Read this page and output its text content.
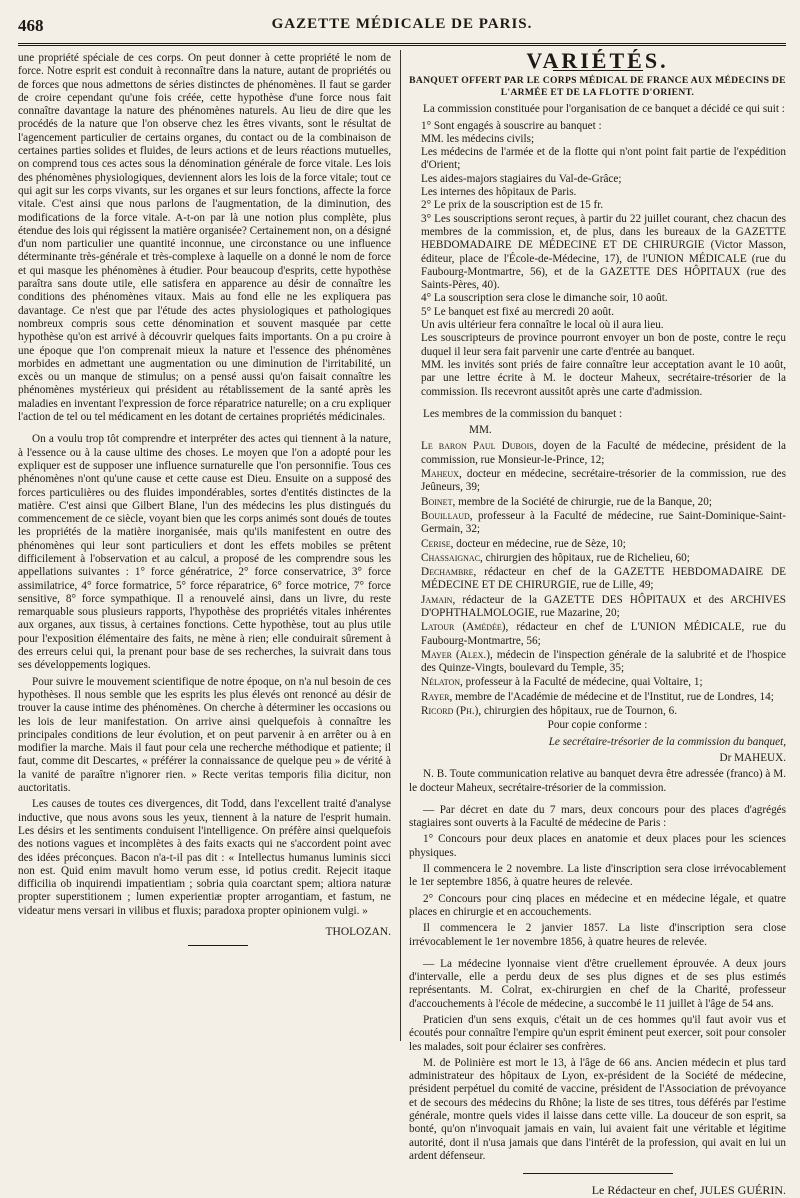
468	GAZETTE MÉDICALE DE PARIS.

une propriété spéciale de ces corps. On peut donner à cette propriété le nom de force. Notre esprit est conduit à reconnaître dans la nature, autant de propriétés ou de forces que nous admettons de séries distinctes de phénomènes. Il faut se garder de croire cependant qu'une fois créée, cette hypothèse d'une force nous fait connaître davantage la nature des phénomènes naturels. Au lieu de dire que les procédés de la nature que l'on observe chez les êtres vivants, sont le résultat de l'agencement particulier de certains organes, du contact ou de la combinaison de certaines parties solides et fluides, de leurs actions et de leurs réactions mutuelles, on comprend tous ces actes sous la dénomination générale de force vitale. Les lois des phénomènes physiologiques, deviennent alors les lois de la force vitale; tout ce qui agit sur les corps vivants, sur les organes et sur leurs fonctions, affecte la force vitale. C'est ainsi que nous parlons de l'augmentation, de la diminution, des modifications de la force vitale. A-t-on par là une notion plus complète, plus étendue des lois qui régissent la matière organisée? Certainement non, on a désigné d'un nom particulier une quantité inconnue, une circonstance ou une influence déterminante très-générale et très-complexe à laquelle on a donné le nom de force et qui masque les phénomènes à étudier. Pour beaucoup d'esprits, cette hypothèse paraîtra sans doute utile, elle satisfera en apparence au désir de connaître les conditions des phénomènes vitaux. Mais au fond elle ne les expliquera pas davantage. Ce n'est que par l'étude des actes physiologiques et pathologiques nombreux compris sous cette dénomination et souvent masquée par cette hypothèse qu'on est arrivé à découvrir quelques faits importants. On a pu croire à une époque que l'on comprenait mieux la nature et l'essence des phénomènes morbides en admettant une augmentation ou une diminution de l'irritabilité, un excès ou un manque de stimulus; on a pensé aussi qu'on faisait connaître les phénomènes mystérieux qui président au rétablissement de la santé après les maladies en inventant l'expression de force réparatrice naturelle; on a cru expliquer l'action de tel ou tel médicament en les dotant de certaines propriétés médicinales.

On a voulu trop tôt comprendre et interpréter des actes qui tiennent à la nature, à l'essence ou à la cause ultime des choses. Le moyen que l'on a adopté pour les expliquer est de supposer une influence surnaturelle que l'on personnifie. Tous ces phénomènes n'ont qu'une cause et cette cause est Dieu. Ensuite on a supposé des forces particulières ou des fluides impondérables, sortes d'entités distinctes de la matière. C'est ainsi que Gilbert Blane, l'un des médecins les plus distingués du commencement de ce siècle, voyant bien que les corps animés sont doués de toutes les propriétés de la matière inorganisée, mais qu'ils manifestent en outre des phénomènes qui leur sont particuliers et dont les effets mobiles se prêtent difficilement à l'observation et au calcul, a proposé de les comprendre sous les appellations suivantes : 1° force génératrice, 2° force conservatrice, 3° force assimilatrice, 4° force formatrice, 5° force réparatrice, 6° force motrice, 7° force sensitive, 8° force sympathique. Il a renouvelé ainsi, dans un livre, du reste remarquable sous plusieurs rapports, l'hypothèse des propriétés vitales inhérentes aux organes, aux tissus, à certaines fonctions. Cette hypothèse, tout au plus utile pour l'exposition élémentaire des faits, ne mène à rien; elle conduirait sûrement à des erreurs celui qui, la prenant pour base de ses recherches, la suivrait dans tous ses développements logiques.

Pour suivre le mouvement scientifique de notre époque, on n'a nul besoin de ces hypothèses. Il nous semble que les esprits les plus élevés ont renoncé au désir de trouver la cause intime des phénomènes. On cherche à déterminer les occasions ou les lois de leur manifestation. On arrive ainsi quelquefois à connaître les principales conditions de leur évolution, et on peut parvenir à en arrêter ou à en modifier la marche. Mais il faut pour cela une recherche méthodique et patiente; il faut, comme dit Descartes, « préférer la connaissance de quelque peu » de vérité à la vanité de paraître n'ignorer rien. » Recte veritas temporis filia dicitur, non auctoritatis.

Les causes de toutes ces divergences, dit Todd, dans l'excellent traité d'analyse inductive, que nous avons sous les yeux, tiennent à la nature de l'esprit humain. Les désirs et les sentiments conduisent l'intelligence. On préfère ainsi quelquefois des notions vagues et incomplètes à des faits exacts qui ne s'accordent point avec des idées préconçues. Bacon n'a-t-il pas dit : « Intellectus humanus luminis sicci non est. Quid enim mavult homo verum esse, id potius credit. Rejecit itaque difficilia ob inquirendi impatientiam ; sobria quia coarctant spem; altiora naturæ propter superstitionem ; lumen experientiæ propter arrogantiam, et fastum, ne videatur mens versari in vilibus et fluxis; paradoxa propter opinionem vulgi. »

THOLOZAN.
VARIÉTÉS.
BANQUET OFFERT PAR LE CORPS MÉDICAL DE FRANCE AUX MÉDECINS DE L'ARMÉE ET DE LA FLOTTE D'ORIENT.

La commission constituée pour l'organisation de ce banquet a décidé ce qui suit :

1° Sont engagés à souscrire au banquet :

MM. les médecins civils;

Les médecins de l'armée et de la flotte qui n'ont point fait partie de l'expédition d'Orient;

Les aides-majors stagiaires du Val-de-Grâce;

Les internes des hôpitaux de Paris.

2° Le prix de la souscription est de 15 fr.

3° Les souscriptions seront reçues, à partir du 22 juillet courant, chez chacun des membres de la commission, et, de plus, dans les bureaux de la GAZETTE HEBDOMADAIRE DE MÉDECINE ET DE CHIRURGIE (Victor Masson, éditeur, place de l'École-de-Médecine, 17), de l'UNION MÉDICALE (rue du Faubourg-Montmartre, 56), et de la GAZETTE DES HÔPITAUX (rue des Saints-Pères, 40).

4° La souscription sera close le dimanche soir, 10 août.

5° Le banquet est fixé au mercredi 20 août.

Un avis ultérieur fera connaître le local où il aura lieu.

Les souscripteurs de province pourront envoyer un bon de poste, contre le reçu duquel il leur sera fait parvenir une carte d'entrée au banquet.

MM. les invités sont priés de faire connaître leur acceptation avant le 10 août, par une lettre écrite à M. le docteur Maheux, secrétaire-trésorier de la commission. Ils recevront aussitôt après une carte d'admission.

Les membres de la commission du banquet :

MM.

Le baron Paul Dubois, doyen de la Faculté de médecine, président de la commission, rue Monsieur-le-Prince, 12;

Maheux, docteur en médecine, secrétaire-trésorier de la commission, rue des Jeûneurs, 39;

Boinet, membre de la Société de chirurgie, rue de la Banque, 20;

Bouillaud, professeur à la Faculté de médecine, rue Saint-Dominique-Saint-Germain, 32;

Cerise, docteur en médecine, rue de Sèze, 10;

Chassaignac, chirurgien des hôpitaux, rue de Richelieu, 60;

Dechambre, rédacteur en chef de la GAZETTE HEBDOMADAIRE DE MÉDECINE ET DE CHIRURGIE, rue de Lille, 49;

Jamain, rédacteur de la GAZETTE DES HÔPITAUX et des ARCHIVES D'OPHTHALMOLOGIE, rue Mazarine, 20;

Latour (Amédée), rédacteur en chef de L'UNION MÉDICALE, rue du Faubourg-Montmartre, 56;

Mayer (Alex.), médecin de l'inspection générale de la salubrité et de l'hospice des Quinze-Vingts, boulevard du Temple, 35;

Nélaton, professeur à la Faculté de médecine, quai Voltaire, 1;

Rayer, membre de l'Académie de médecine et de l'Institut, rue de Londres, 14;

Ricord (Ph.), chirurgien des hôpitaux, rue de Tournon, 6.

Pour copie conforme :

Le secrétaire-trésorier de la commission du banquet,

Dr MAHEUX.

N. B. Toute communication relative au banquet devra être adressée (franco) à M. le docteur Maheux, secrétaire-trésorier de la commission.

— Par décret en date du 7 mars, deux concours pour des places d'agrégés stagiaires sont ouverts à la Faculté de médecine de Paris :

1° Concours pour deux places en anatomie et deux places pour les sciences physiques.

Il commencera le 2 novembre. La liste d'inscription sera close irrévocablement le 1er septembre 1856, à quatre heures de relevée.

2° Concours pour cinq places en médecine et en médecine légale, et quatre places en chirurgie et en accouchements.

Il commencera le 2 janvier 1857. La liste d'inscription sera close irrévocablement le 1er novembre 1856, à quatre heures de relevée.

— La médecine lyonnaise vient d'être cruellement éprouvée. A deux jours d'intervalle, elle a perdu deux de ses plus dignes et de ses plus estimés représentants. M. Colrat, ex-chirurgien en chef de la Charité, professeur d'accouchements à l'école de médecine, a succombé le 11 juillet à l'âge de 54 ans.

Praticien d'un sens exquis, c'était un de ces hommes qu'il faut avoir vus et écoutés pour connaître l'empire qu'un esprit éminent peut exercer, soit pour consoler les malades, soit pour éclairer ses confrères.

M. de Polinière est mort le 13, à l'âge de 66 ans. Ancien médecin et plus tard administrateur des hôpitaux de Lyon, ex-président de la Société de médecine, président perpétuel du comité de vaccine, président de l'Association de prévoyance et de secours des médecins du Rhône; la liste de ses titres, tous déférés par l'estime générale, montre quels vides il laisse dans cette ville. La douceur de son esprit, sa bonté, qu'on n'invoquait jamais en vain, lui avaient fait une véritable et légitime autorité, dont il n'usa jamais que dans l'intérêt de la profession, qui avait en lui un ardent défenseur.

Le Rédacteur en chef, JULES GUÉRIN.
